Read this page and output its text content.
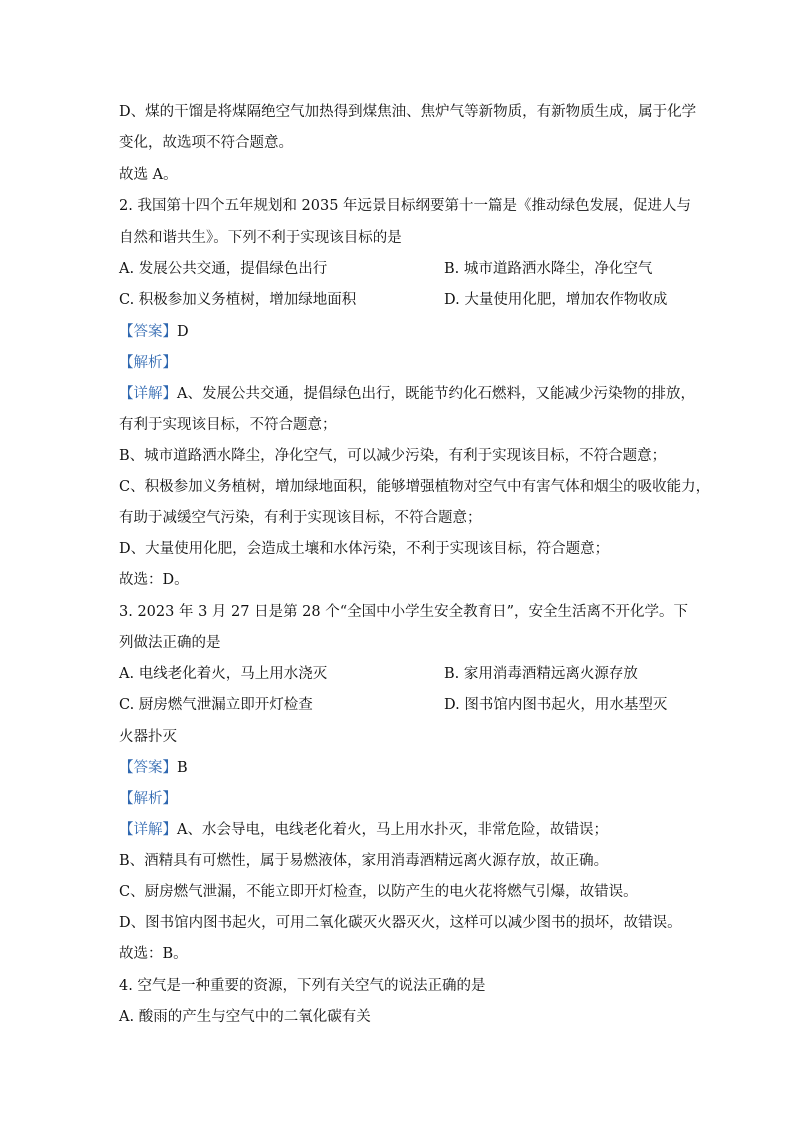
D、煤的干馏是将煤隔绝空气加热得到煤焦油、焦炉气等新物质，有新物质生成，属于化学
变化，故选项不符合题意。
故选 A。
2. 我国第十四个五年规划和 2035 年远景目标纲要第十一篇是《推动绿色发展，促进人与
自然和谐共生》。下列不利于实现该目标的是
A. 发展公共交通，提倡绿色出行	B. 城市道路洒水降尘，净化空气
C. 积极参加义务植树，增加绿地面积	D. 大量使用化肥，增加农作物收成
【答案】D
【解析】
【详解】A、发展公共交通，提倡绿色出行，既能节约化石燃料，又能减少污染物的排放，
有利于实现该目标，不符合题意；
B、城市道路洒水降尘，净化空气，可以减少污染，有利于实现该目标，不符合题意；
C、积极参加义务植树，增加绿地面积，能够增强植物对空气中有害气体和烟尘的吸收能力，
有助于减缓空气污染，有利于实现该目标，不符合题意；
D、大量使用化肥，会造成土壤和水体污染，不利于实现该目标，符合题意；
故选：D。
3. 2023 年 3 月 27 日是第 28 个“全国中小学生安全教育日”，安全生活离不开化学。下
列做法正确的是
A. 电线老化着火，马上用水浇灭	B. 家用消毒酒精远离火源存放
C. 厨房燃气泄漏立即开灯检查	D. 图书馆内图书起火，用水基型灭
火器扑灭
【答案】B
【解析】
【详解】A、水会导电，电线老化着火，马上用水扑灭，非常危险，故错误；
B、酒精具有可燃性，属于易燃液体，家用消毒酒精远离火源存放，故正确。
C、厨房燃气泄漏，不能立即开灯检查，以防产生的电火花将燃气引爆，故错误。
D、图书馆内图书起火，可用二氧化碳灭火器灭火，这样可以减少图书的损坏，故错误。
故选：B。
4. 空气是一种重要的资源，下列有关空气的说法正确的是
A. 酸雨的产生与空气中的二氧化碳有关
